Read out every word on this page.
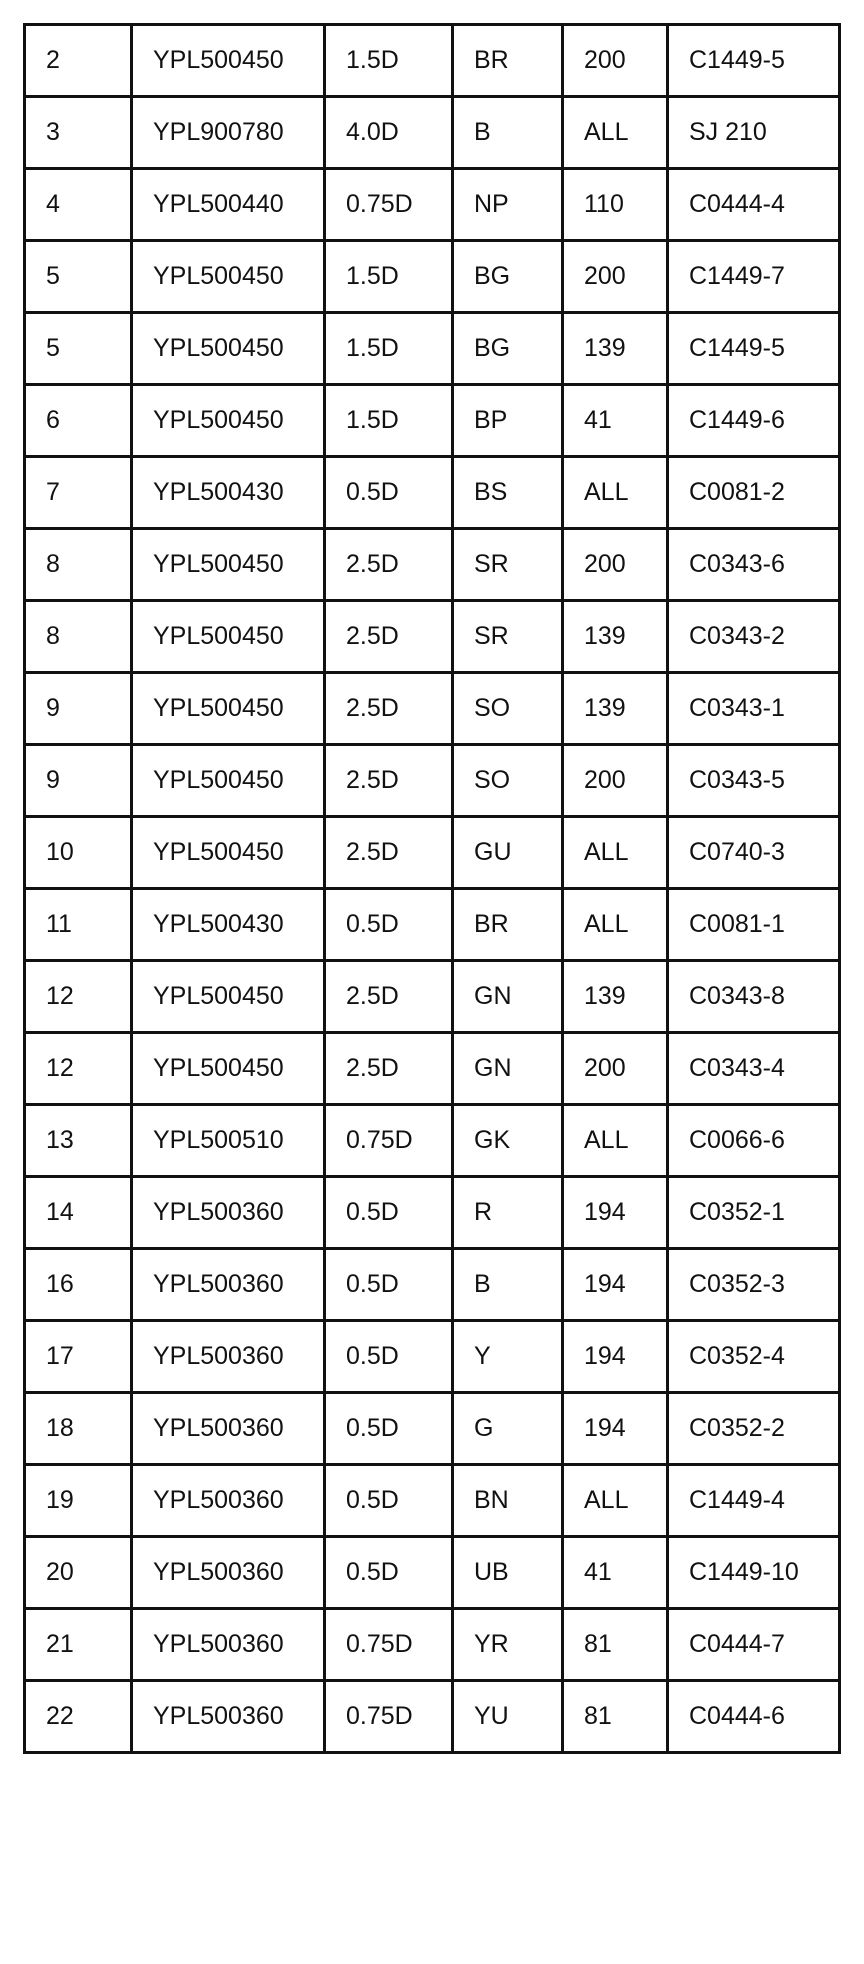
2	YPL500450	1.5D	BR	200	C1449-5
3	YPL900780	4.0D	B	ALL	SJ 210
4	YPL500440	0.75D	NP	110	C0444-4
5	YPL500450	1.5D	BG	200	C1449-7
5	YPL500450	1.5D	BG	139	C1449-5
6	YPL500450	1.5D	BP	41	C1449-6
7	YPL500430	0.5D	BS	ALL	C0081-2
8	YPL500450	2.5D	SR	200	C0343-6
8	YPL500450	2.5D	SR	139	C0343-2
9	YPL500450	2.5D	SO	139	C0343-1
9	YPL500450	2.5D	SO	200	C0343-5
10	YPL500450	2.5D	GU	ALL	C0740-3
11	YPL500430	0.5D	BR	ALL	C0081-1
12	YPL500450	2.5D	GN	139	C0343-8
12	YPL500450	2.5D	GN	200	C0343-4
13	YPL500510	0.75D	GK	ALL	C0066-6
14	YPL500360	0.5D	R	194	C0352-1
16	YPL500360	0.5D	B	194	C0352-3
17	YPL500360	0.5D	Y	194	C0352-4
18	YPL500360	0.5D	G	194	C0352-2
19	YPL500360	0.5D	BN	ALL	C1449-4
20	YPL500360	0.5D	UB	41	C1449-10
21	YPL500360	0.75D	YR	81	C0444-7
22	YPL500360	0.75D	YU	81	C0444-6
